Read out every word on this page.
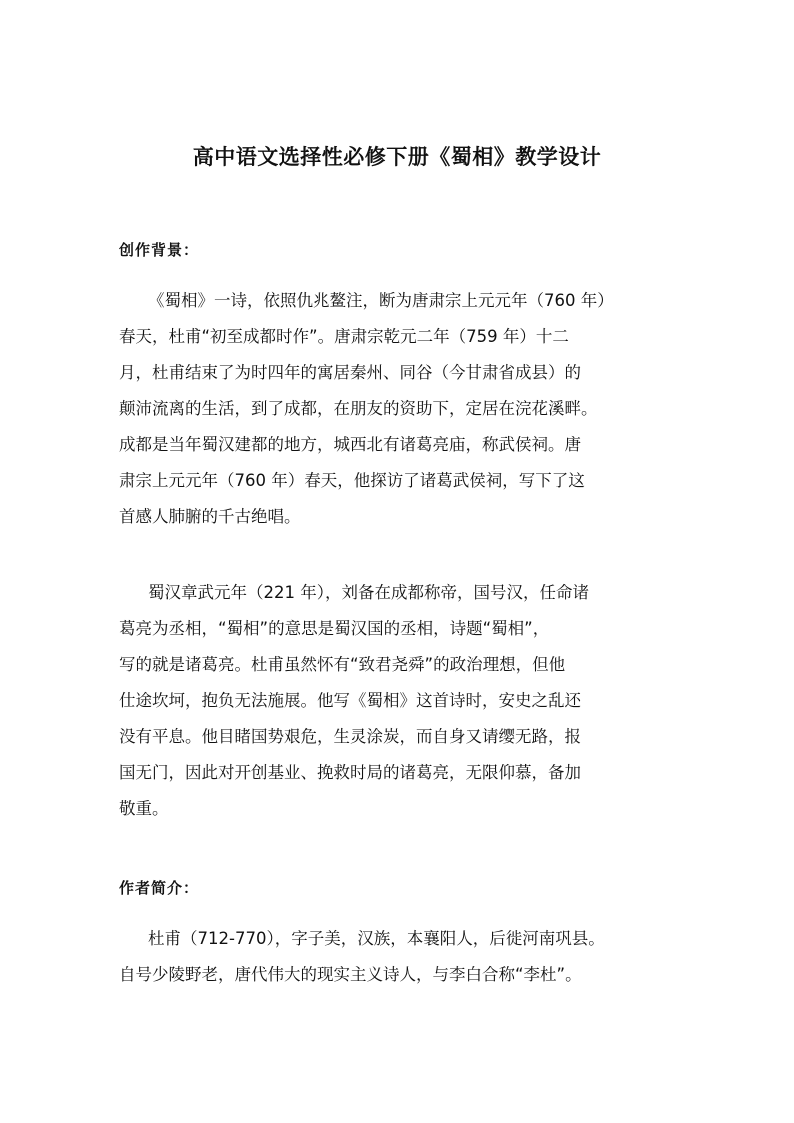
高中语文选择性必修下册《蜀相》教学设计
创作背景：
《蜀相》一诗，依照仇兆鳌注，断为唐肃宗上元元年（760 年）
春天，杜甫“初至成都时作”。唐肃宗乾元二年（759 年）十二
月，杜甫结束了为时四年的寓居秦州、同谷（今甘肃省成县）的
颠沛流离的生活，到了成都，在朋友的资助下，定居在浣花溪畔。
成都是当年蜀汉建都的地方，城西北有诸葛亮庙，称武侯祠。唐
肃宗上元元年（760 年）春天，他探访了诸葛武侯祠，写下了这
首感人肺腑的千古绝唱。
蜀汉章武元年（221 年），刘备在成都称帝，国号汉，任命诸
葛亮为丞相，“蜀相”的意思是蜀汉国的丞相，诗题“蜀相”，
写的就是诸葛亮。杜甫虽然怀有“致君尧舜”的政治理想，但他
仕途坎坷，抱负无法施展。他写《蜀相》这首诗时，安史之乱还
没有平息。他目睹国势艰危，生灵涂炭，而自身又请缨无路，报
国无门，因此对开创基业、挽救时局的诸葛亮，无限仰慕，备加
敬重。
作者简介：
杜甫（712-770），字子美，汉族，本襄阳人，后徙河南巩县。
自号少陵野老，唐代伟大的现实主义诗人，与李白合称“李杜”。
